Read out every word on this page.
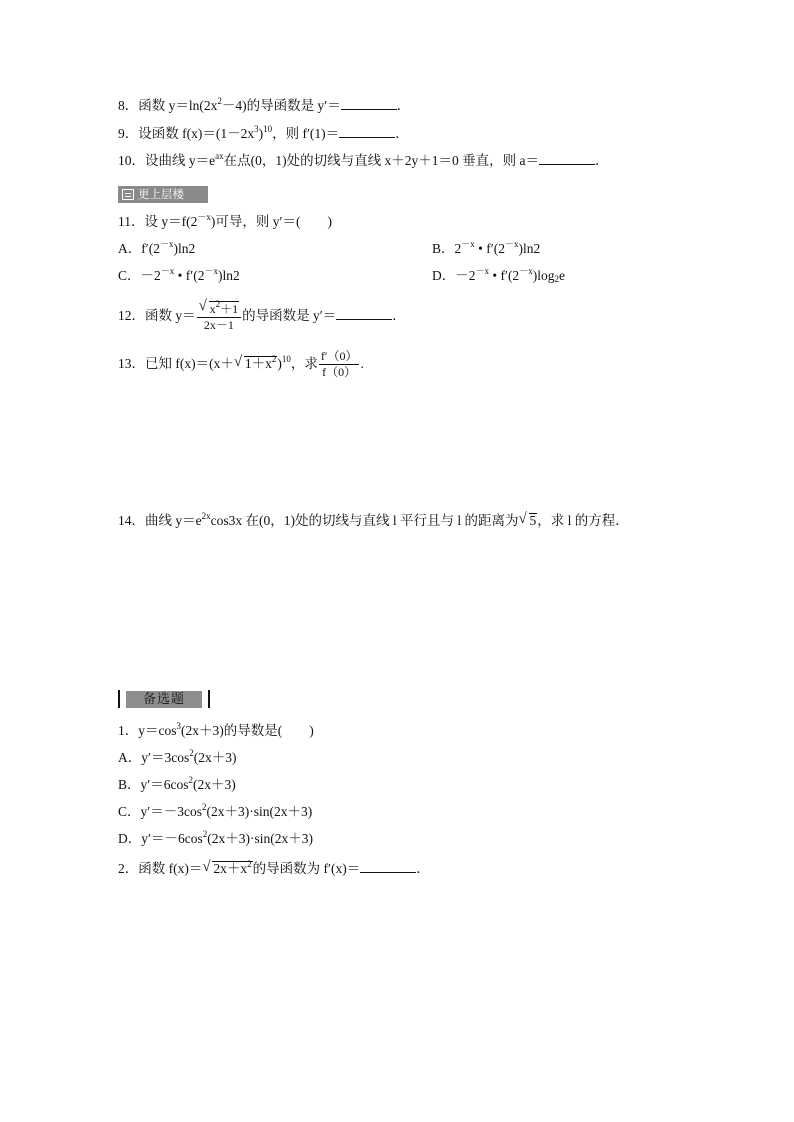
8．函数 $y=\ln(2x^2-4)$的导函数是 y′＝	．
9．设函数 $f(x)=(1-2x^3)^{10}$，则 f′(1)＝	．
10．设曲线 $y=e^{ax}$在点(0，1)处的切线与直线 x＋2y＋1＝0 垂直，则 a＝	．
更上层楼
11．设 $y=f(2^{-x})$可导，则 y′＝(　　)
A．$f'(2^{-x})\ln 2$	B．$2^{-x}$ • $f'(2^{-x})\ln 2$
C．$-2^{-x}$ • $f'(2^{-x})\ln 2$	D．$-2^{-x}$ • $f'(2^{-x})\log_2e$
12．函数 $y= \frac{√ x^2+1}{2x-1}$ 的导函数是 y′＝	．
13．已知 f(x)＝(x＋ √ $1+x^2)^{10}$，求 $\frac{f'(0)}{f(0)}$ .
14．曲线 $y=e^{2x}\cos 3x$ 在(0，1)处的切线与直线 l 平行且与 l 的距离为 √ 5，求 l 的方程．
备选题
1．$y=\cos^3(2x+3)$的导数是(　　)
A．$y'=3\cos^2(2x+3)$
B．$y'=6\cos^2(2x+3)$
C．$y'=-3\cos^2(2x+3)\cdot\sin(2x+3)$
D．$y'=-6\cos^2(2x+3)\cdot\sin(2x+3)$
2．函数 f(x)＝ √ $2x+x^2$的导函数为 f′(x)＝	．
